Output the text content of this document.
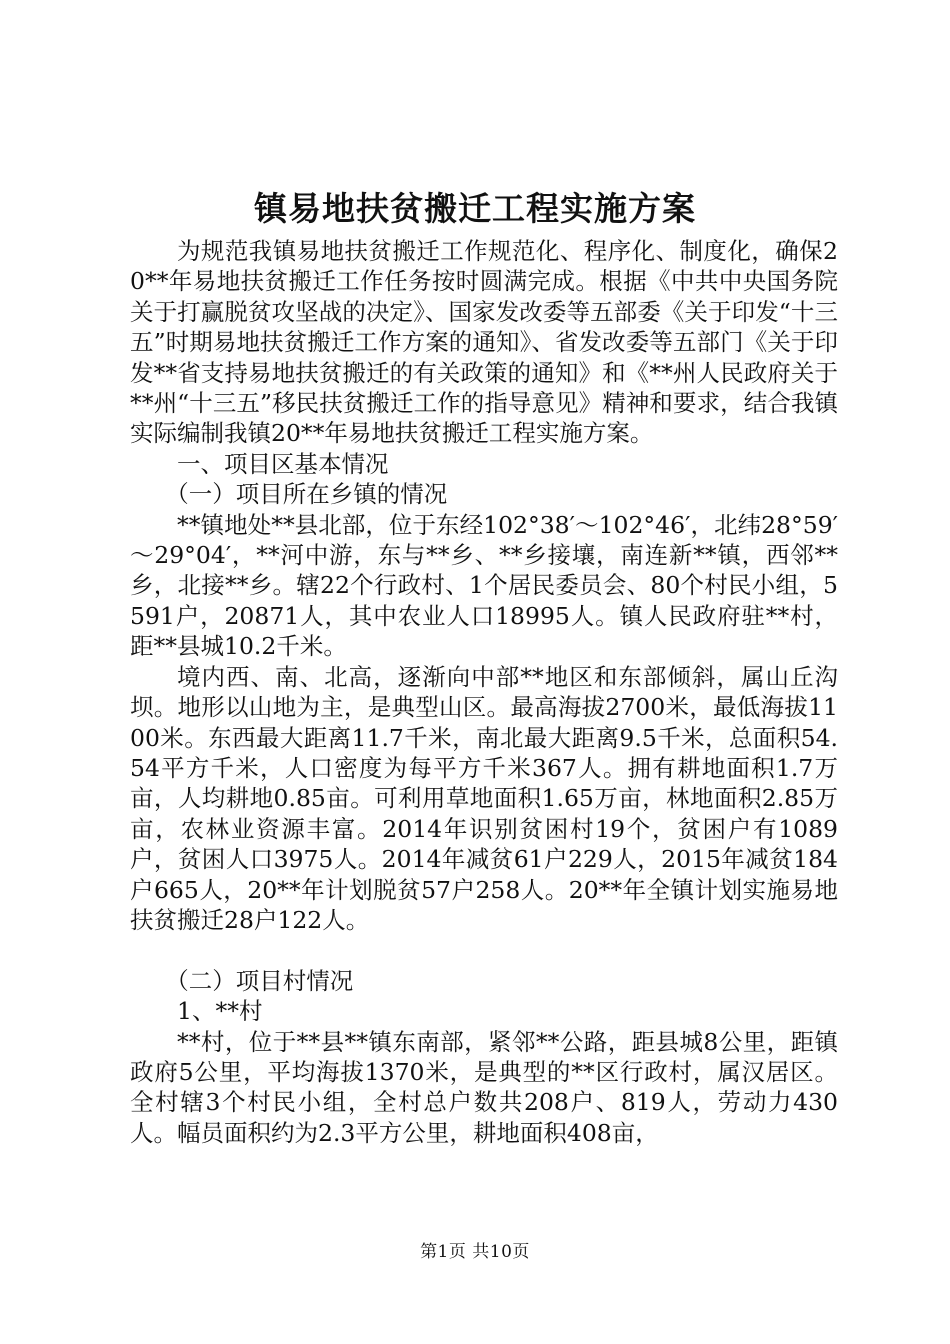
镇易地扶贫搬迁工程实施方案

为规范我镇易地扶贫搬迁工作规范化、程序化、制度化，确保20**年易地扶贫搬迁工作任务按时圆满完成。根据《中共中央国务院关于打赢脱贫攻坚战的决定》、国家发改委等五部委《关于印发“十三五”时期易地扶贫搬迁工作方案的通知》、省发改委等五部门《关于印发**省支持易地扶贫搬迁的有关政策的通知》和《**州人民政府关于**州“十三五”移民扶贫搬迁工作的指导意见》精神和要求，结合我镇实际编制我镇20**年易地扶贫搬迁工程实施方案。

一、项目区基本情况

（一）项目所在乡镇的情况

**镇地处**县北部，位于东经102°38′～102°46′，北纬28°59′～29°04′，**河中游，东与**乡、**乡接壤，南连新**镇，西邻**乡，北接**乡。辖22个行政村、1个居民委员会、80个村民小组，5591户，20871人，其中农业人口18995人。镇人民政府驻**村，距**县城10.2千米。

境内西、南、北高，逐渐向中部**地区和东部倾斜，属山丘沟坝。地形以山地为主，是典型山区。最高海拔2700米，最低海拔1100米。东西最大距离11.7千米，南北最大距离9.5千米，总面积54.54平方千米，人口密度为每平方千米367人。拥有耕地面积1.7万亩，人均耕地0.85亩。可利用草地面积1.65万亩，林地面积2.85万亩，农林业资源丰富。2014年识别贫困村19个，贫困户有1089户，贫困人口3975人。2014年减贫61户229人，2015年减贫184户665人，20**年计划脱贫57户258人。20**年全镇计划实施易地扶贫搬迁28户122人。

（二）项目村情况

1、**村

**村，位于**县**镇东南部，紧邻**公路，距县城8公里，距镇政府5公里，平均海拔1370米，是典型的**区行政村，属汉居区。全村辖3个村民小组，全村总户数共208户、819人，劳动力430人。幅员面积约为2.3平方公里，耕地面积408亩，

第1页 共10页
